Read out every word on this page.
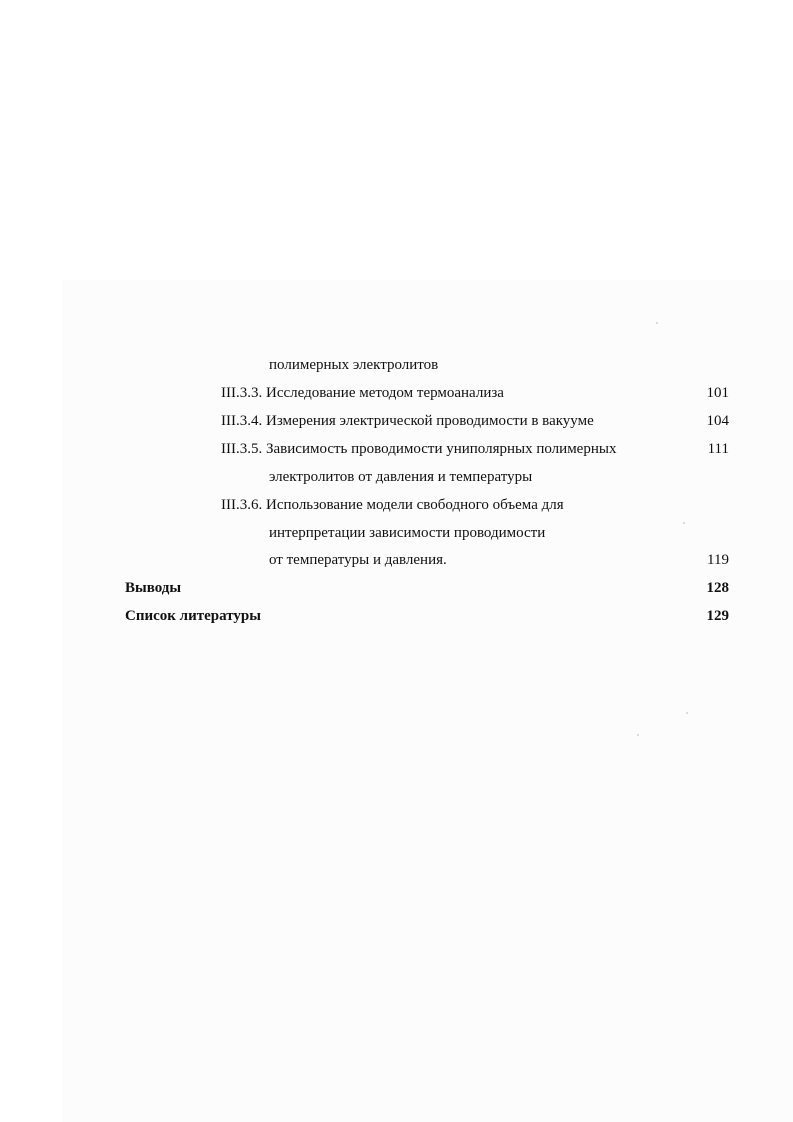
полимерных электролитов
III.3.3. Исследование методом термоанализа	101
III.3.4. Измерения электрической проводимости в вакууме	104
III.3.5. Зависимость проводимости униполярных полимерных	111
электролитов от давления и температуры
III.3.6. Использование модели свободного объема для
интерпретации зависимости проводимости
от температуры и давления.	119
Выводы	128
Список литературы	129
